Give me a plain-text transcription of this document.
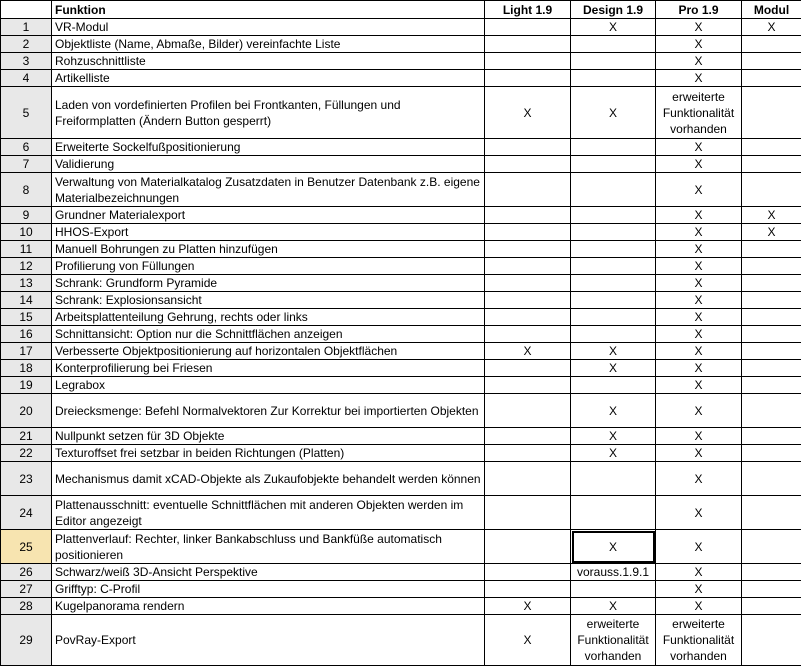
	Funktion	Light 1.9	Design 1.9	Pro 1.9	Modul
1	VR-Modul		X	X	X
2	Objektliste (Name, Abmaße, Bilder) vereinfachte Liste			X	
3	Rohzuschnittliste			X	
4	Artikelliste			X	
5	Laden von vordefinierten Profilen bei Frontkanten, Füllungen und Freiformplatten (Ändern Button gesperrt)	X	X	erweiterte Funktionalität vorhanden	
6	Erweiterte Sockelfußpositionierung			X	
7	Validierung			X	
8	Verwaltung von Materialkatalog Zusatzdaten in Benutzer Datenbank z.B. eigene Materialbezeichnungen			X	
9	Grundner Materialexport			X	X
10	HHOS-Export			X	X
11	Manuell Bohrungen zu Platten hinzufügen			X	
12	Profilierung von Füllungen			X	
13	Schrank: Grundform Pyramide			X	
14	Schrank: Explosionsansicht			X	
15	Arbeitsplattenteilung Gehrung, rechts oder links			X	
16	Schnittansicht: Option nur die Schnittflächen anzeigen			X	
17	Verbesserte Objektpositionierung auf horizontalen Objektflächen	X	X	X	
18	Konterprofilierung bei Friesen		X	X	
19	Legrabox			X	
20	Dreiecksmenge: Befehl Normalvektoren Zur Korrektur bei importierten Objekten		X	X	
21	Nullpunkt setzen für 3D Objekte		X	X	
22	Texturoffset frei setzbar in beiden Richtungen (Platten)		X	X	
23	Mechanismus damit xCAD-Objekte als Zukaufobjekte behandelt werden können			X	
24	Plattenausschnitt: eventuelle Schnittflächen mit anderen Objekten werden im Editor angezeigt			X	
25	Plattenverlauf: Rechter, linker Bankabschluss und Bankfüße automatisch positionieren		X	X	
26	Schwarz/weiß 3D-Ansicht Perspektive		vorauss.1.9.1	X	
27	Grifftyp: C-Profil			X	
28	Kugelpanorama rendern	X	X	X	
29	PovRay-Export	X	erweiterte Funktionalität vorhanden	erweiterte Funktionalität vorhanden	
